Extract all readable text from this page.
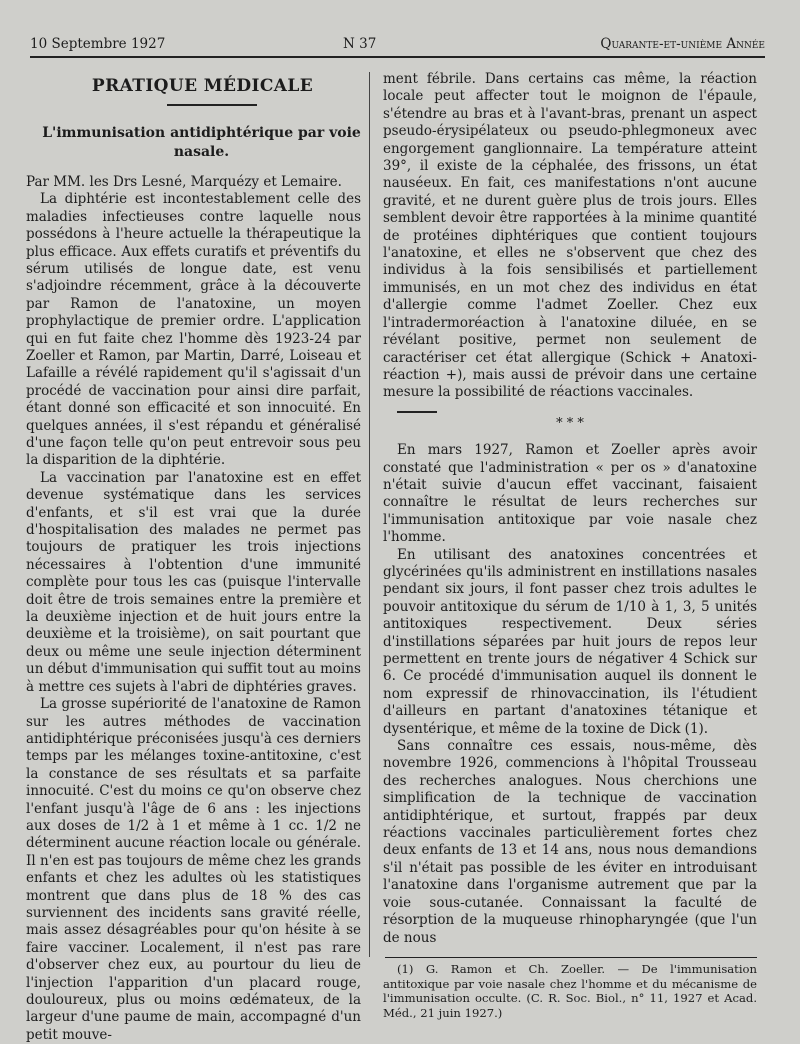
10 Septembre 1927	N 37	Quarante-et-unième Année
PRATIQUE MÉDICALE
L'immunisation antidiphtérique par voie nasale.

Par MM. les Drs Lesné, Marquézy et Lemaire.

La diphtérie est incontestablement celle des maladies infectieuses contre laquelle nous possédons à l'heure actuelle la thérapeutique la plus efficace. Aux effets curatifs et préventifs du sérum utilisés de longue date, est venu s'adjoindre récemment, grâce à la découverte par Ramon de l'anatoxine, un moyen prophylactique de premier ordre. L'application qui en fut faite chez l'homme dès 1923-24 par Zoeller et Ramon, par Martin, Darré, Loiseau et Lafaille a révélé rapidement qu'il s'agissait d'un procédé de vaccination pour ainsi dire parfait, étant donné son efficacité et son innocuité. En quelques années, il s'est répandu et généralisé d'une façon telle qu'on peut entrevoir sous peu la disparition de la diphtérie.

La vaccination par l'anatoxine est en effet devenue systématique dans les services d'enfants, et s'il est vrai que la durée d'hospitalisation des malades ne permet pas toujours de pratiquer les trois injections nécessaires à l'obtention d'une immunité complète pour tous les cas (puisque l'intervalle doit être de trois semaines entre la première et la deuxième injection et de huit jours entre la deuxième et la troisième), on sait pourtant que deux ou même une seule injection déterminent un début d'immunisation qui suffit tout au moins à mettre ces sujets à l'abri de diphtéries graves.

La grosse supériorité de l'anatoxine de Ramon sur les autres méthodes de vaccination antidiphtérique préconisées jusqu'à ces derniers temps par les mélanges toxine-antitoxine, c'est la constance de ses résultats et sa parfaite innocuité. C'est du moins ce qu'on observe chez l'enfant jusqu'à l'âge de 6 ans : les injections aux doses de 1/2 à 1 et même à 1 cc. 1/2 ne déterminent aucune réaction locale ou générale. Il n'en est pas toujours de même chez les grands enfants et chez les adultes où les statistiques montrent que dans plus de 18 % des cas surviennent des incidents sans gravité réelle, mais assez désagréables pour qu'on hésite à se faire vacciner. Localement, il n'est pas rare d'observer chez eux, au pourtour du lieu de l'injection l'apparition d'un placard rouge, douloureux, plus ou moins œdémateux, de la largeur d'une paume de main, accompagné d'un petit mouve-

ment fébrile. Dans certains cas même, la réaction locale peut affecter tout le moignon de l'épaule, s'étendre au bras et à l'avant-bras, prenant un aspect pseudo-érysipélateux ou pseudo-phlegmoneux avec engorgement ganglionnaire. La température atteint 39°, il existe de la céphalée, des frissons, un état nauséeux. En fait, ces manifestations n'ont aucune gravité, et ne durent guère plus de trois jours. Elles semblent devoir être rapportées à la minime quantité de protéines diphtériques que contient toujours l'anatoxine, et elles ne s'observent que chez des individus à la fois sensibilisés et partiellement immunisés, en un mot chez des individus en état d'allergie comme l'admet Zoeller. Chez eux l'intradermoréaction à l'anatoxine diluée, en se révélant positive, permet non seulement de caractériser cet état allergique (Schick + Anatoxi-réaction +), mais aussi de prévoir dans une certaine mesure la possibilité de réactions vaccinales.

* * *

En mars 1927, Ramon et Zoeller après avoir constaté que l'administration « per os » d'anatoxine n'était suivie d'aucun effet vaccinant, faisaient connaître le résultat de leurs recherches sur l'immunisation antitoxique par voie nasale chez l'homme.

En utilisant des anatoxines concentrées et glycérinées qu'ils administrent en instillations nasales pendant six jours, il font passer chez trois adultes le pouvoir antitoxique du sérum de 1/10 à 1, 3, 5 unités antitoxiques respectivement. Deux séries d'instillations séparées par huit jours de repos leur permettent en trente jours de négativer 4 Schick sur 6. Ce procédé d'immunisation auquel ils donnent le nom expressif de rhinovaccination, ils l'étudient d'ailleurs en partant d'anatoxines tétanique et dysentérique, et même de la toxine de Dick (1).

Sans connaître ces essais, nous-même, dès novembre 1926, commencions à l'hôpital Trousseau des recherches analogues. Nous cherchions une simplification de la technique de vaccination antidiphtérique, et surtout, frappés par deux réactions vaccinales particulièrement fortes chez deux enfants de 13 et 14 ans, nous nous demandions s'il n'était pas possible de les éviter en introduisant l'anatoxine dans l'organisme autrement que par la voie sous-cutanée. Connaissant la faculté de résorption de la muqueuse rhinopharyngée (que l'un de nous

(1) G. Ramon et Ch. Zoeller. — De l'immunisation antitoxique par voie nasale chez l'homme et du mécanisme de l'immunisation occulte. (C. R. Soc. Biol., n° 11, 1927 et Acad. Méd., 21 juin 1927.)
